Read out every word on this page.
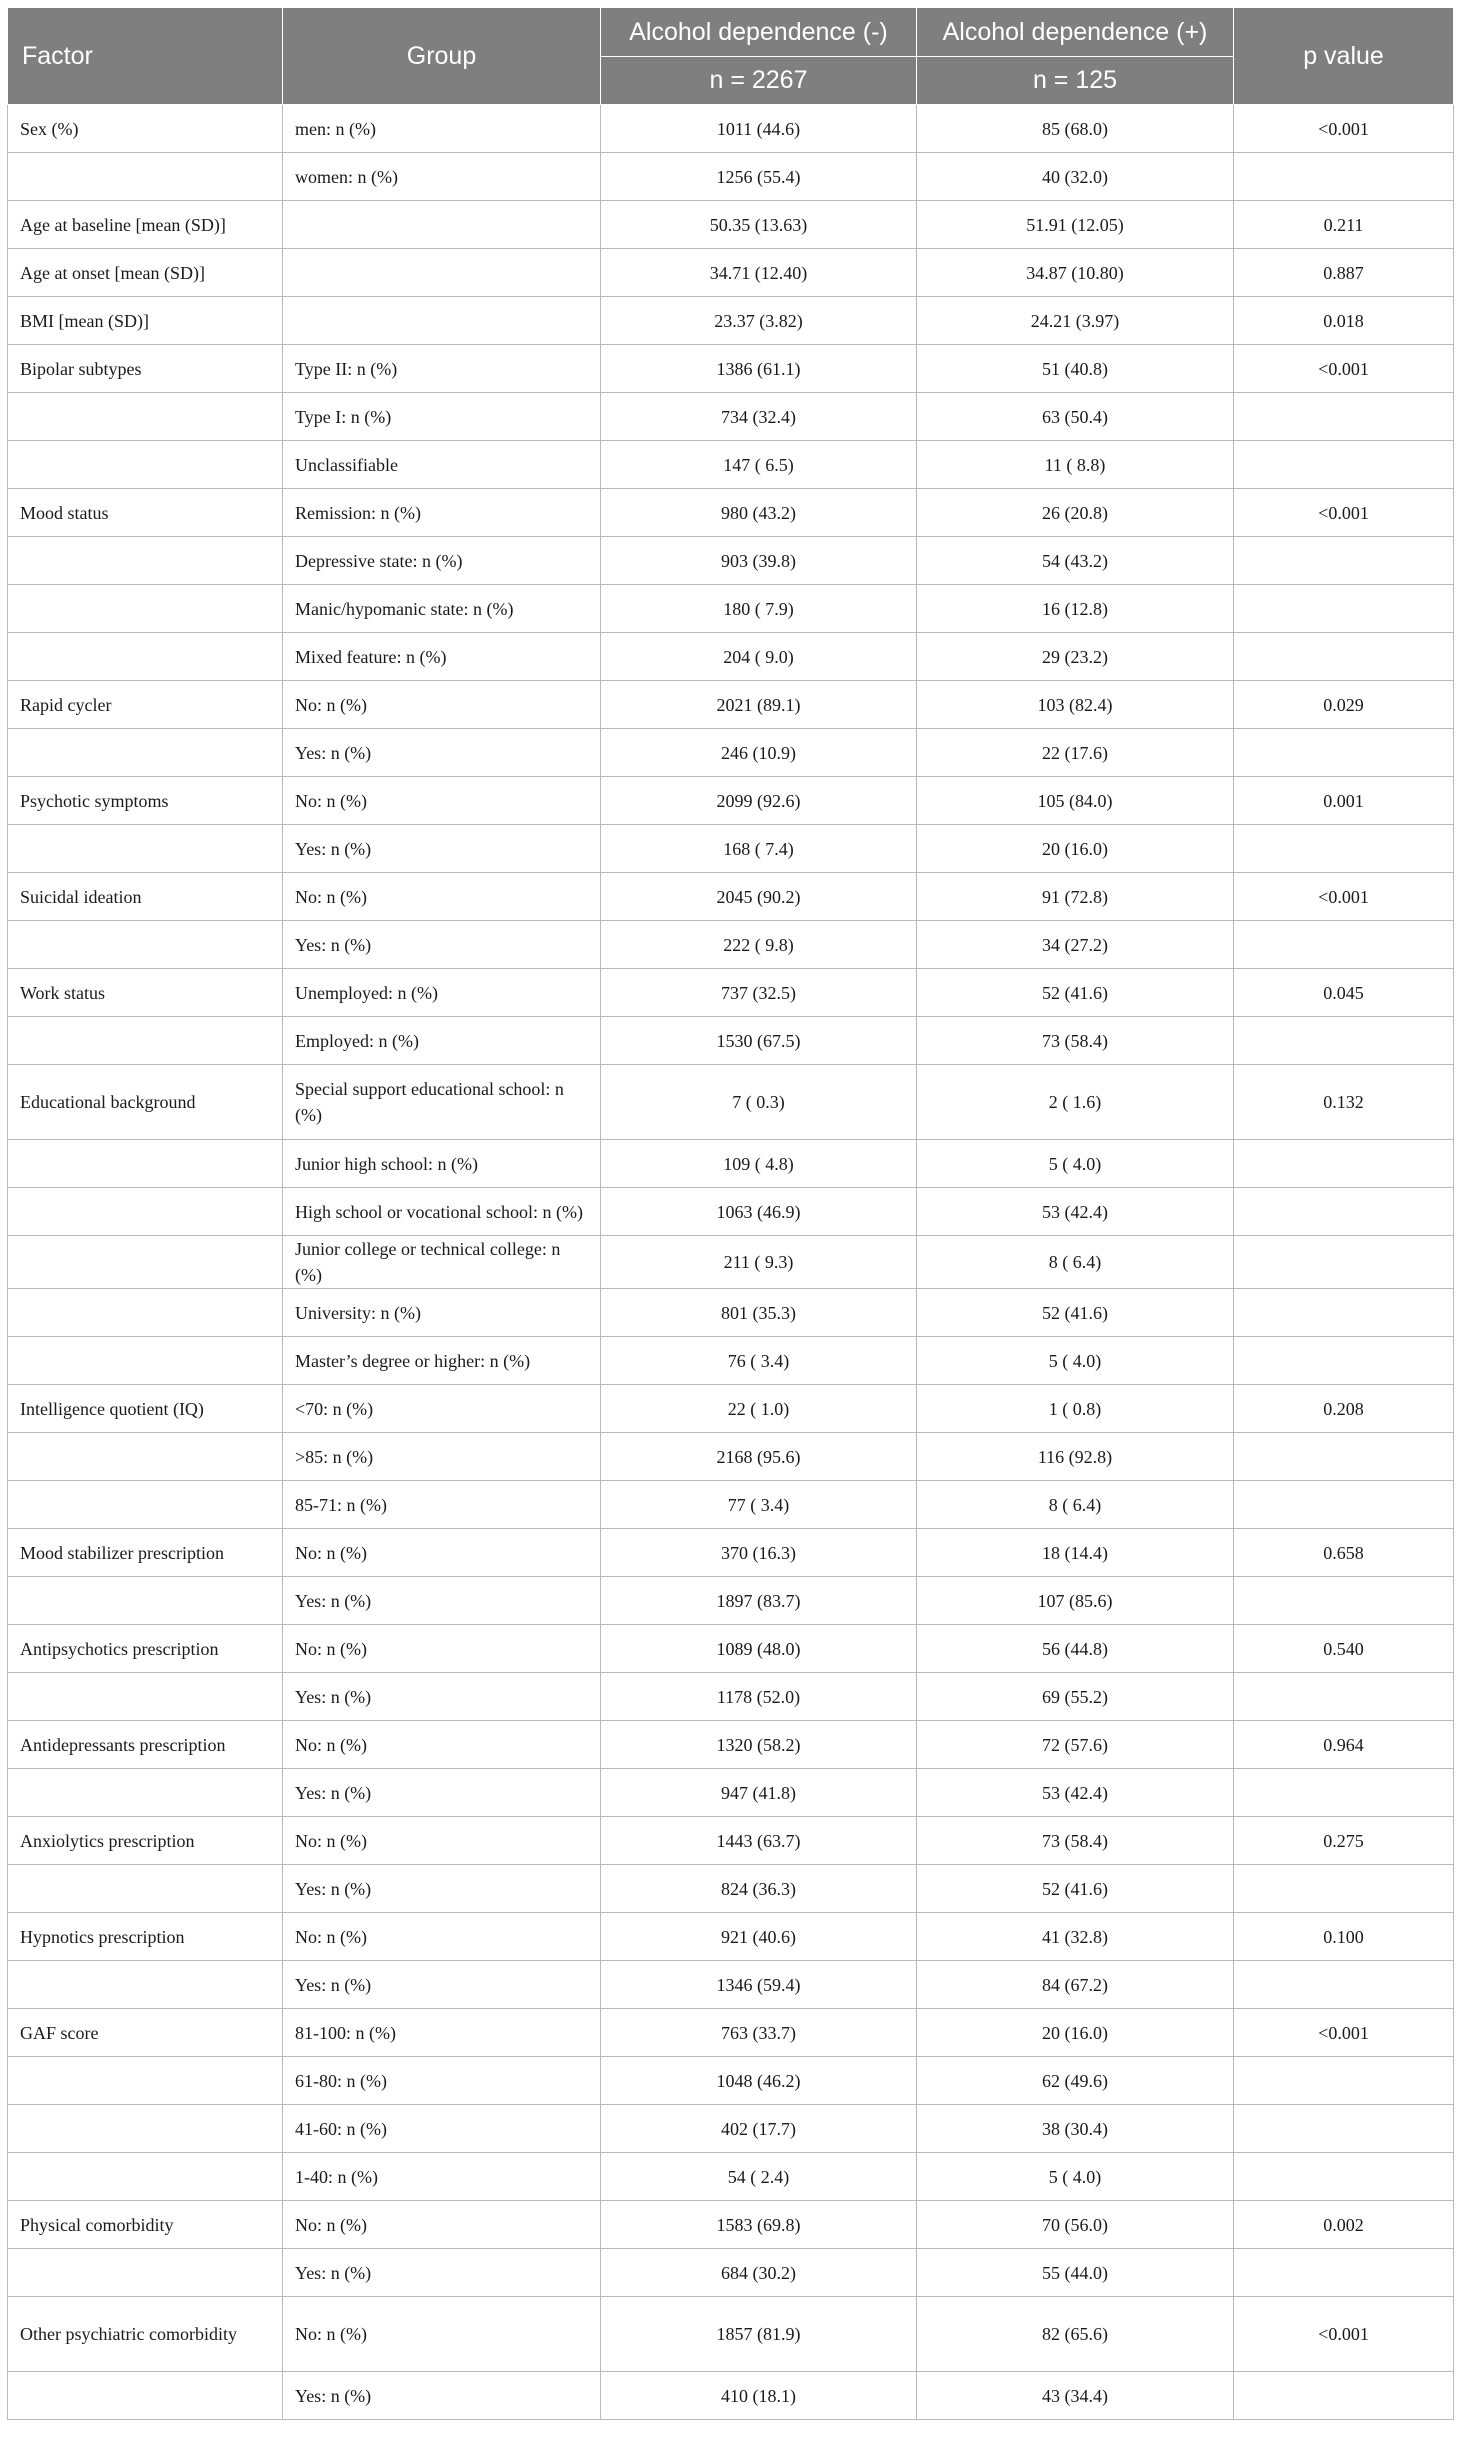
Factor	Group	Alcohol dependence (-)	Alcohol dependence (+)	p value
		n = 2267	n = 125	
Sex (%)	men: n (%)	1011 (44.6)	85 (68.0)	<0.001
	women: n (%)	1256 (55.4)	40 (32.0)	
Age at baseline [mean (SD)]		50.35 (13.63)	51.91 (12.05)	0.211
Age at onset [mean (SD)]		34.71 (12.40)	34.87 (10.80)	0.887
BMI [mean (SD)]		23.37 (3.82)	24.21 (3.97)	0.018
Bipolar subtypes	Type II: n (%)	1386 (61.1)	51 (40.8)	<0.001
	Type I: n (%)	734 (32.4)	63 (50.4)	
	Unclassifiable	147 ( 6.5)	11 ( 8.8)	
Mood status	Remission: n (%)	980 (43.2)	26 (20.8)	<0.001
	Depressive state: n (%)	903 (39.8)	54 (43.2)	
	Manic/hypomanic state: n (%)	180 ( 7.9)	16 (12.8)	
	Mixed feature: n (%)	204 ( 9.0)	29 (23.2)	
Rapid cycler	No: n (%)	2021 (89.1)	103 (82.4)	0.029
	Yes: n (%)	246 (10.9)	22 (17.6)	
Psychotic symptoms	No: n (%)	2099 (92.6)	105 (84.0)	0.001
	Yes: n (%)	168 ( 7.4)	20 (16.0)	
Suicidal ideation	No: n (%)	2045 (90.2)	91 (72.8)	<0.001
	Yes: n (%)	222 ( 9.8)	34 (27.2)	
Work status	Unemployed: n (%)	737 (32.5)	52 (41.6)	0.045
	Employed: n (%)	1530 (67.5)	73 (58.4)	
Educational background	Special support educational school: n (%)	7 ( 0.3)	2 ( 1.6)	0.132
	Junior high school: n (%)	109 ( 4.8)	5 ( 4.0)	
	High school or vocational school: n (%)	1063 (46.9)	53 (42.4)	
	Junior college or technical college: n (%)	211 ( 9.3)	8 ( 6.4)	
	University: n (%)	801 (35.3)	52 (41.6)	
	Master’s degree or higher: n (%)	76 ( 3.4)	5 ( 4.0)	
Intelligence quotient (IQ)	<70: n (%)	22 ( 1.0)	1 ( 0.8)	0.208
	>85: n (%)	2168 (95.6)	116 (92.8)	
	85-71: n (%)	77 ( 3.4)	8 ( 6.4)	
Mood stabilizer prescription	No: n (%)	370 (16.3)	18 (14.4)	0.658
	Yes: n (%)	1897 (83.7)	107 (85.6)	
Antipsychotics prescription	No: n (%)	1089 (48.0)	56 (44.8)	0.540
	Yes: n (%)	1178 (52.0)	69 (55.2)	
Antidepressants prescription	No: n (%)	1320 (58.2)	72 (57.6)	0.964
	Yes: n (%)	947 (41.8)	53 (42.4)	
Anxiolytics prescription	No: n (%)	1443 (63.7)	73 (58.4)	0.275
	Yes: n (%)	824 (36.3)	52 (41.6)	
Hypnotics prescription	No: n (%)	921 (40.6)	41 (32.8)	0.100
	Yes: n (%)	1346 (59.4)	84 (67.2)	
GAF score	81-100: n (%)	763 (33.7)	20 (16.0)	<0.001
	61-80: n (%)	1048 (46.2)	62 (49.6)	
	41-60: n (%)	402 (17.7)	38 (30.4)	
	1-40: n (%)	54 ( 2.4)	5 ( 4.0)	
Physical comorbidity	No: n (%)	1583 (69.8)	70 (56.0)	0.002
	Yes: n (%)	684 (30.2)	55 (44.0)	
Other psychiatric comorbidity	No: n (%)	1857 (81.9)	82 (65.6)	<0.001
	Yes: n (%)	410 (18.1)	43 (34.4)	
